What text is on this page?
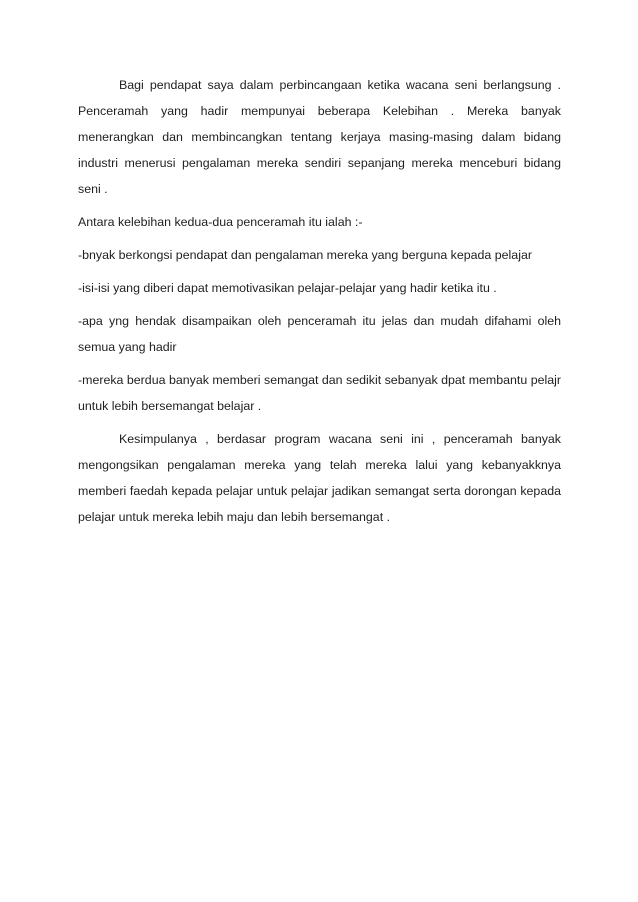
Bagi pendapat saya dalam perbincangaan ketika wacana seni berlangsung . Penceramah yang hadir mempunyai beberapa Kelebihan . Mereka banyak menerangkan dan membincangkan tentang kerjaya masing-masing dalam bidang industri menerusi pengalaman mereka sendiri sepanjang mereka menceburi bidang seni .

Antara kelebihan kedua-dua penceramah itu ialah :-

-bnyak berkongsi pendapat dan pengalaman mereka yang berguna kepada pelajar

-isi-isi yang diberi dapat memotivasikan pelajar-pelajar yang hadir ketika itu .

-apa yng hendak disampaikan oleh penceramah itu jelas dan mudah difahami oleh semua yang hadir

-mereka berdua banyak memberi semangat dan sedikit sebanyak dpat membantu pelajr untuk lebih bersemangat belajar .

Kesimpulanya , berdasar program wacana seni ini , penceramah banyak mengongsikan pengalaman mereka yang telah mereka lalui yang kebanyakknya memberi faedah kepada pelajar untuk pelajar jadikan semangat serta dorongan kepada pelajar untuk mereka lebih maju dan lebih bersemangat .
